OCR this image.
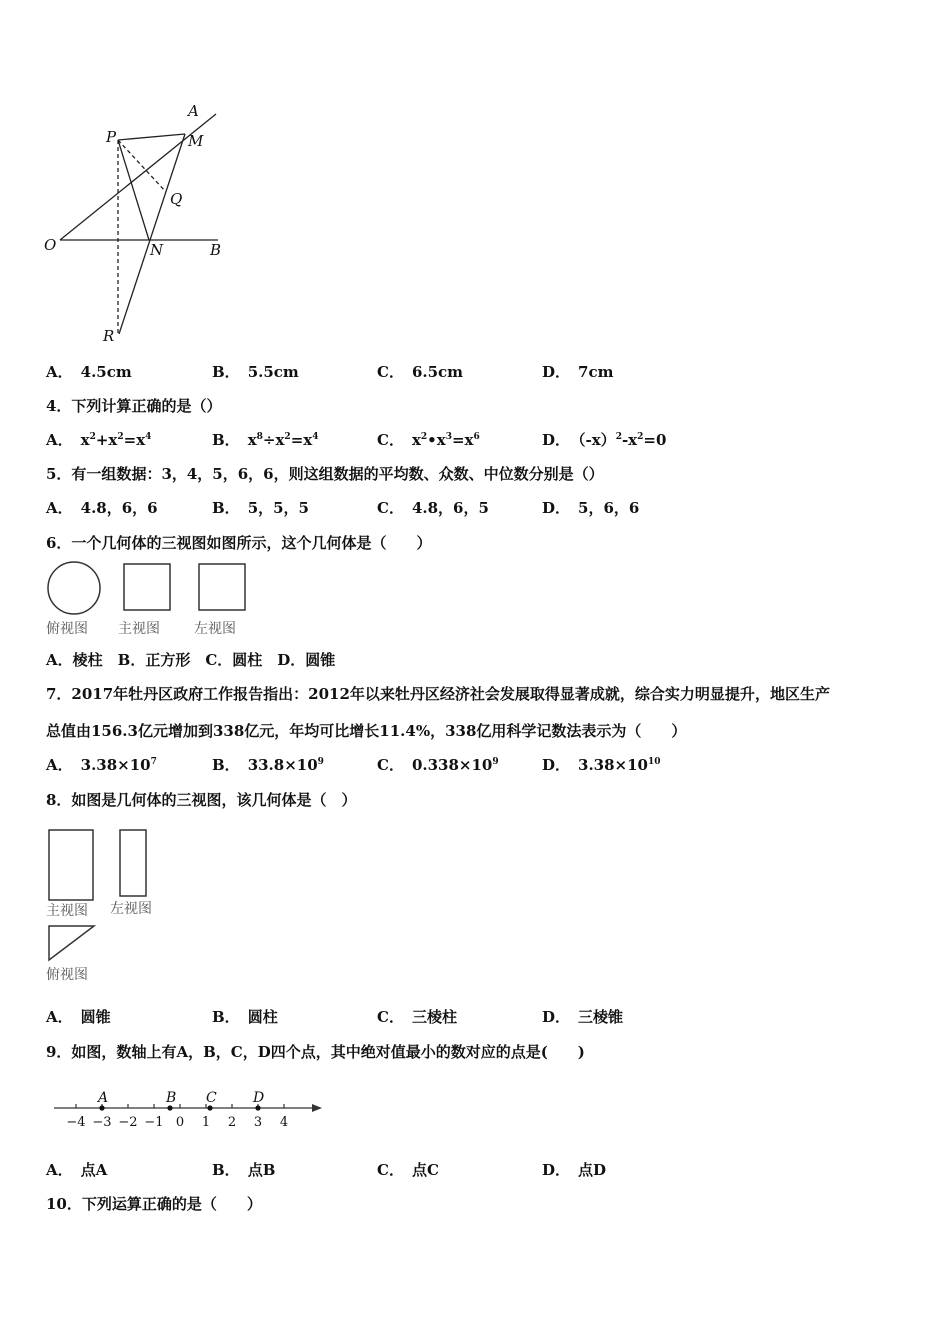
A
M
P
Q
O	N	B
R
A． 4.5cm	B． 5.5cm	C． 6.5cm	D． 7cm
4．下列计算正确的是（）
A． $x^2+x^2=x^4$	B． $x^8\div x^2=x^4$	C． $x^2•x^3=x^6$	D． $(-x)^2-x^2=0$
5．有一组数据：3，4，5，6，6，则这组数据的平均数、众数、中位数分别是（）
A． 4.8，6，6	B． 5，5，5	C． 4.8，6，5	D． 5，6，6
6．一个几何体的三视图如图所示，这个几何体是（　　）
俯视图 主视图 左视图
A．棱柱　B．正方形　C．圆柱　D．圆锥
7．2017年牡丹区政府工作报告指出：2012年以来牡丹区经济社会发展取得显著成就，综合实力明显提升，地区生产
总值由156.3亿元增加到338亿元，年均可比增长11.4%，338亿用科学记数法表示为（　　）
A． $3.38\times 10^7$	B． $33.8\times 10^9$	C． $0.338\times 10^9$	D． $3.38\times 10^{10}$
8．如图是几何体的三视图，该几何体是（　）
主视图 左视图
俯视图
A． 圆锥	B． 圆柱	C． 三棱柱	D． 三棱锥
9．如图，数轴上有A，B，C，D四个点，其中绝对值最小的数对应的点是(　　)
−4 −3 −2 −1 0 1 2 3 4
A	B C	D
A． 点A	B． 点B	C． 点C	D． 点D
10．下列运算正确的是（　　）
